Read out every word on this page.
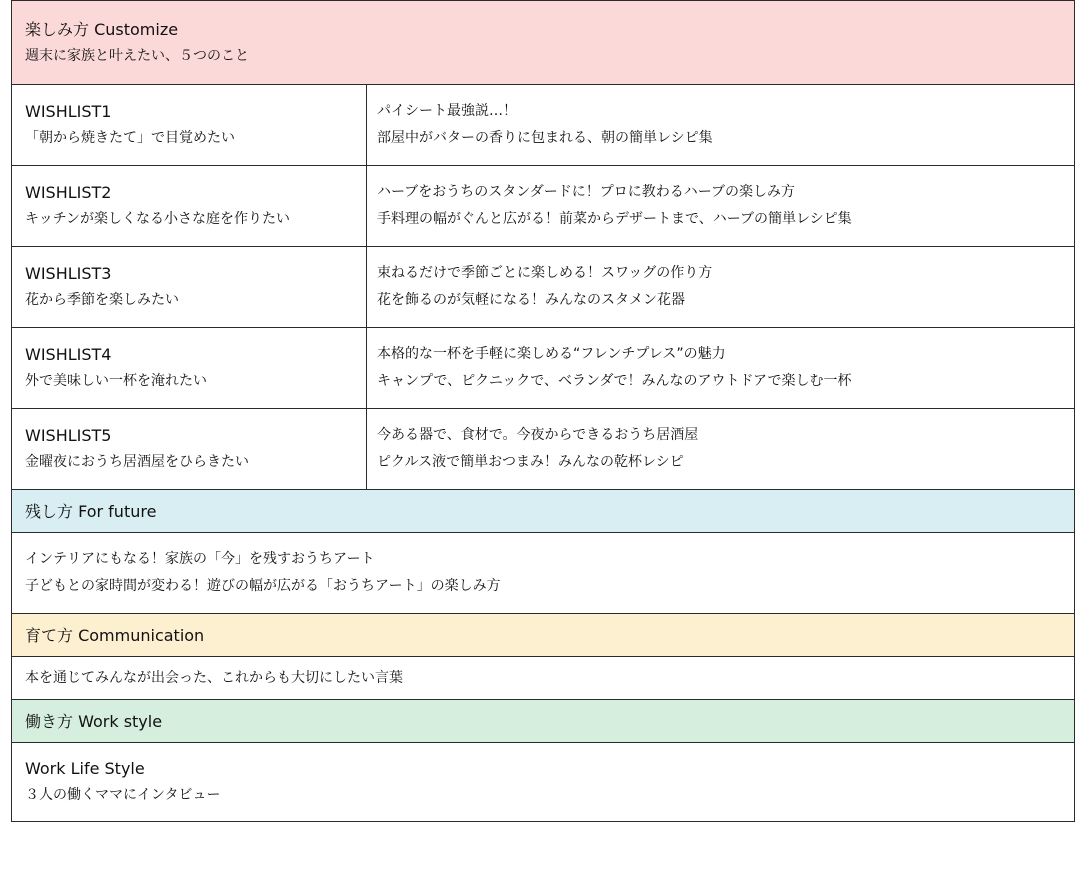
楽しみ方 Customize
週末に家族と叶えたい、５つのこと	

WISHLIST1
「朝から焼きたて」で目覚めたい	パイシート最強説…！
部屋中がバターの香りに包まれる、朝の簡単レシピ集

WISHLIST2
キッチンが楽しくなる小さな庭を作りたい	ハーブをおうちのスタンダードに！プロに教わるハーブの楽しみ方
手料理の幅がぐんと広がる！前菜からデザートまで、ハーブの簡単レシピ集

WISHLIST3
花から季節を楽しみたい	束ねるだけで季節ごとに楽しめる！スワッグの作り方
花を飾るのが気軽になる！みんなのスタメン花器

WISHLIST4
外で美味しい一杯を淹れたい	本格的な一杯を手軽に楽しめる“フレンチプレス”の魅力
キャンプで、ピクニックで、ベランダで！みんなのアウトドアで楽しむ一杯

WISHLIST5
金曜夜におうち居酒屋をひらきたい	今ある器で、食材で。今夜からできるおうち居酒屋
ピクルス液で簡単おつまみ！みんなの乾杯レシピ

残し方 For future	

インテリアにもなる！家族の「今」を残すおうちアート
子どもとの家時間が変わる！遊びの幅が広がる「おうちアート」の楽しみ方	

育て方 Communication	

本を通じてみんなが出会った、これからも大切にしたい言葉	

働き方 Work style	

Work Life Style
３人の働くママにインタビュー	
